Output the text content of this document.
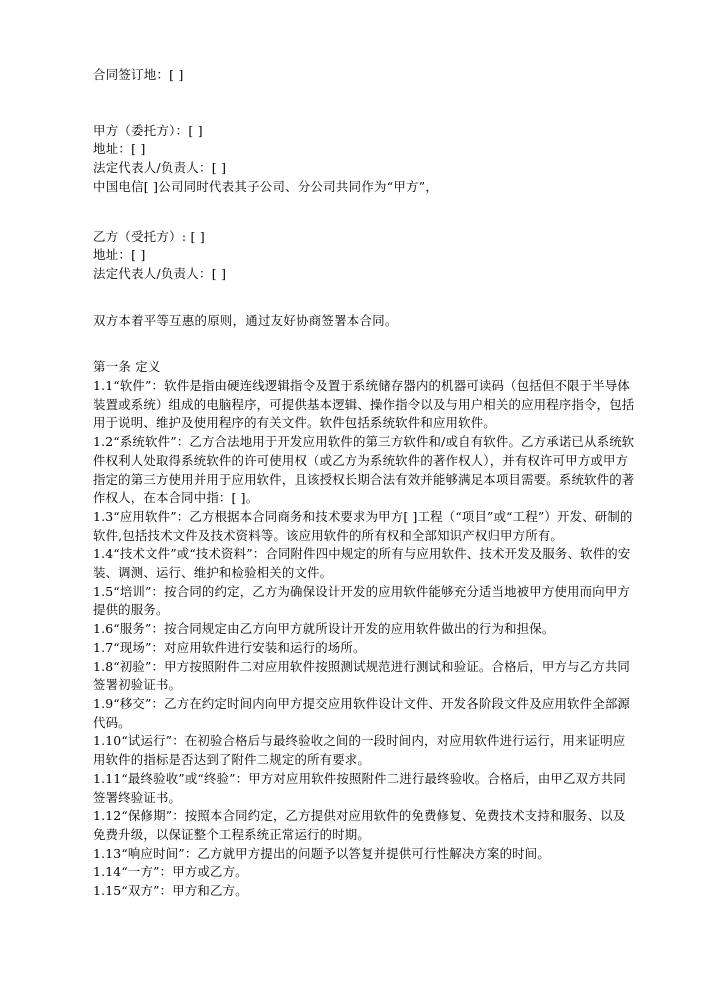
合同签订地：[ ]
甲方（委托方）：[ ]
地址：[ ]
法定代表人/负责人：[ ]
中国电信[ ]公司同时代表其子公司、分公司共同作为“甲方”，
乙方（受托方）: [ ]
地址：[ ]
法定代表人/负责人：[ ]
双方本着平等互惠的原则，通过友好协商签署本合同。
第一条 定义
1.1“软件”：软件是指由硬连线逻辑指令及置于系统储存器内的机器可读码（包括但不限于半导体装置或系统）组成的电脑程序，可提供基本逻辑、操作指令以及与用户相关的应用程序指令，包括用于说明、维护及使用程序的有关文件。软件包括系统软件和应用软件。
1.2“系统软件”：乙方合法地用于开发应用软件的第三方软件和/或自有软件。乙方承诺已从系统软件权利人处取得系统软件的许可使用权（或乙方为系统软件的著作权人），并有权许可甲方或甲方指定的第三方使用并用于应用软件，且该授权长期合法有效并能够满足本项目需要。系统软件的著作权人，在本合同中指：[ ]。
1.3“应用软件”：乙方根据本合同商务和技术要求为甲方[ ]工程（“项目”或“工程”）开发、研制的软件,包括技术文件及技术资料等。该应用软件的所有权和全部知识产权归甲方所有。
1.4“技术文件”或“技术资料”：合同附件四中规定的所有与应用软件、技术开发及服务、软件的安装、调测、运行、维护和检验相关的文件。
1.5“培训”：按合同的约定，乙方为确保设计开发的应用软件能够充分适当地被甲方使用而向甲方提供的服务。
1.6“服务”：按合同规定由乙方向甲方就所设计开发的应用软件做出的行为和担保。
1.7“现场”：对应用软件进行安装和运行的场所。
1.8“初验”：甲方按照附件二对应用软件按照测试规范进行测试和验证。合格后，甲方与乙方共同签署初验证书。
1.9“移交”：乙方在约定时间内向甲方提交应用软件设计文件、开发各阶段文件及应用软件全部源代码。
1.10“试运行”：在初验合格后与最终验收之间的一段时间内，对应用软件进行运行，用来证明应用软件的指标是否达到了附件二规定的所有要求。
1.11“最终验收”或“终验”：甲方对应用软件按照附件二进行最终验收。合格后，由甲乙双方共同签署终验证书。
1.12“保修期”：按照本合同约定，乙方提供对应用软件的免费修复、免费技术支持和服务、以及免费升级，以保证整个工程系统正常运行的时期。
1.13“响应时间”：乙方就甲方提出的问题予以答复并提供可行性解决方案的时间。
1.14“一方”：甲方或乙方。
1.15“双方”：甲方和乙方。
